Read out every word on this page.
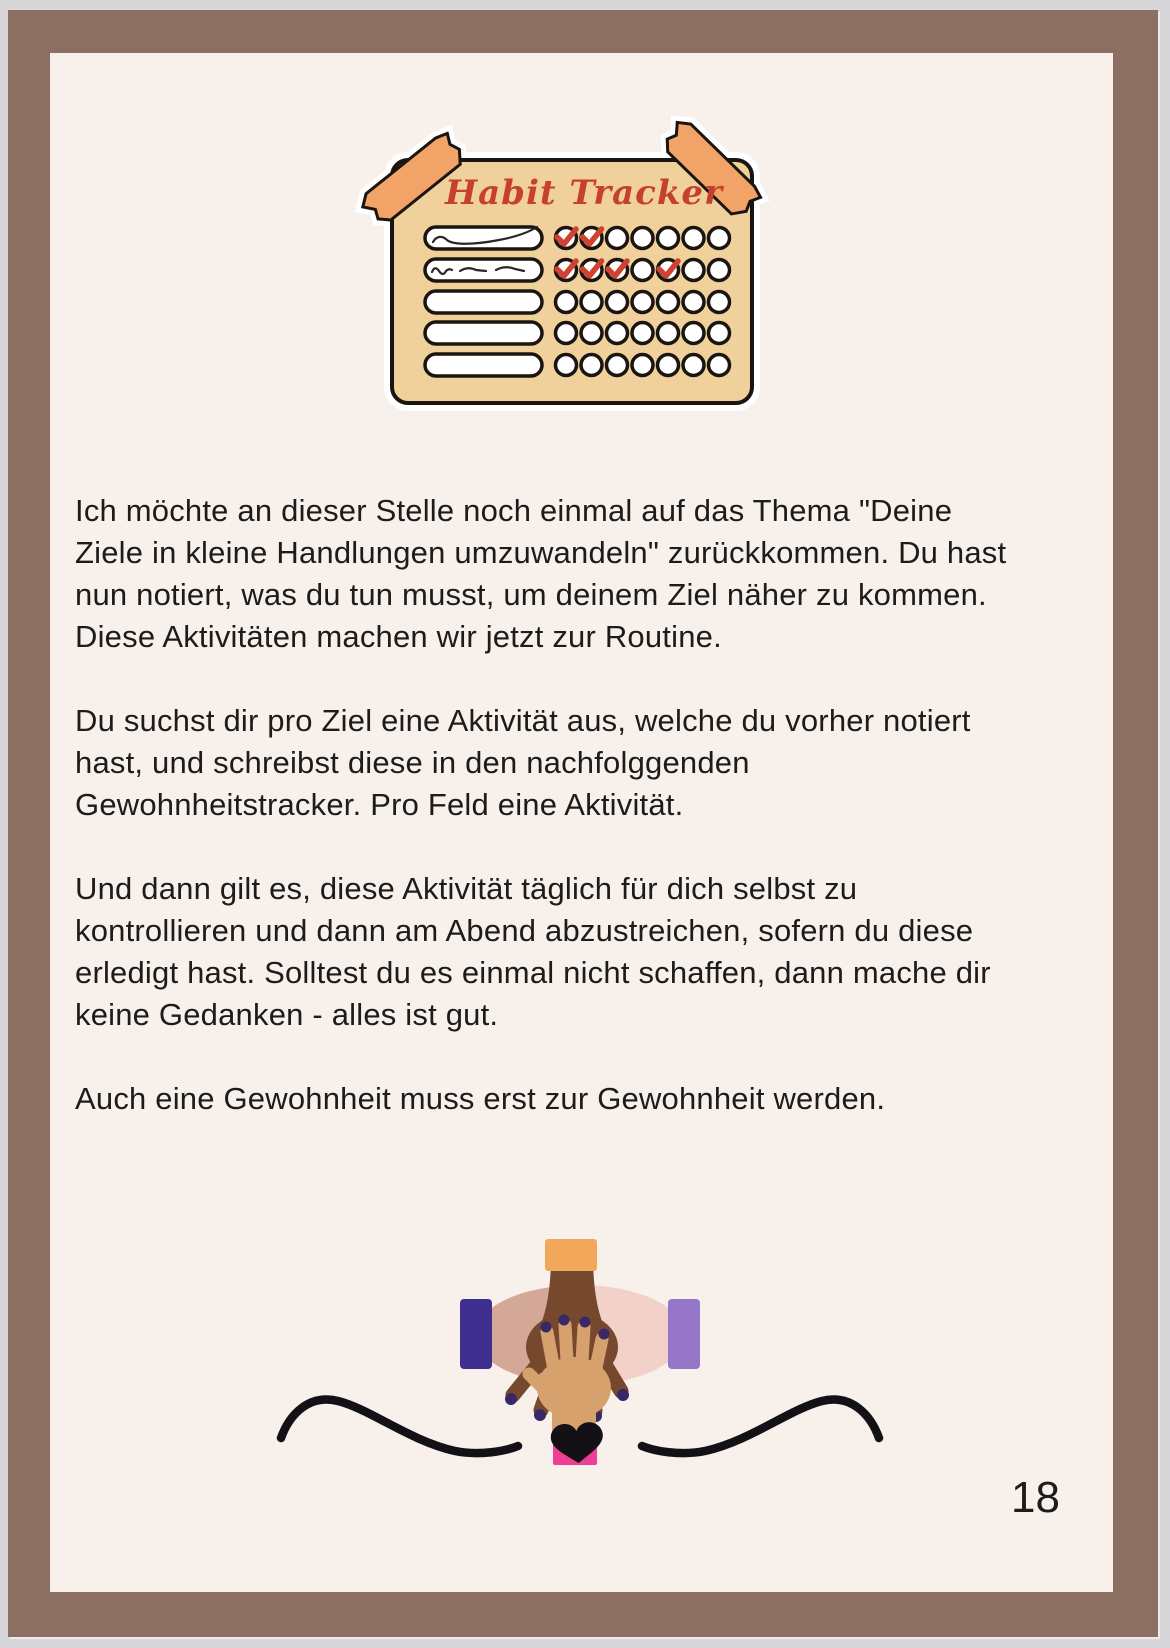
Habit Tracker
Ich möchte an dieser Stelle noch einmal auf das Thema "Deine
Ziele in kleine Handlungen umzuwandeln" zurückkommen. Du hast
nun notiert, was du tun musst, um deinem Ziel näher zu kommen.
Diese Aktivitäten machen wir jetzt zur Routine.
Du suchst dir pro Ziel eine Aktivität aus, welche du vorher notiert
hast, und schreibst diese in den nachfolggenden
Gewohnheitstracker. Pro Feld eine Aktivität.
Und dann gilt es, diese Aktivität täglich für dich selbst zu
kontrollieren und dann am Abend abzustreichen, sofern du diese
erledigt hast. Solltest du es einmal nicht schaffen, dann mache dir
keine Gedanken - alles ist gut.
Auch eine Gewohnheit muss erst zur Gewohnheit werden.
18
